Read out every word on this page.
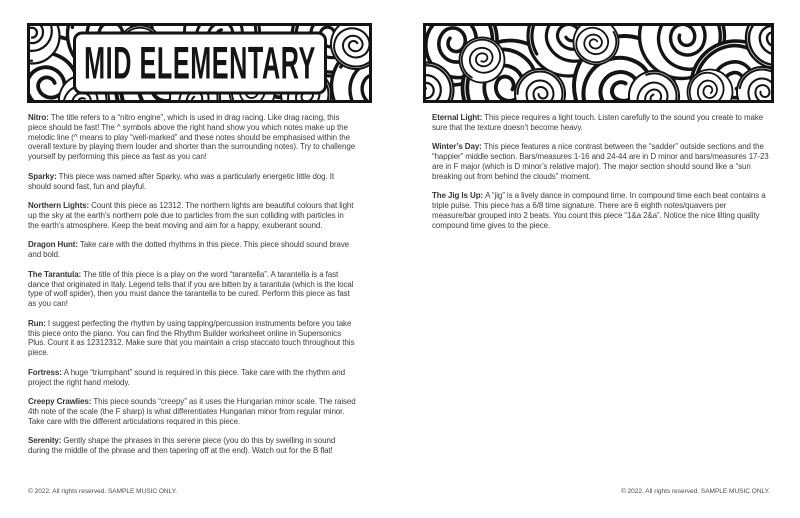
MID ELEMENTARY

Nitro: The title refers to a “nitro engine”, which is used in drag racing. Like drag racing, this piece should be fast! The ^ symbols above the right hand show you which notes make up the melodic line (^ means to play “well-marked” and these notes should be emphasised within the overall texture by playing them louder and shorter than the surrounding notes). Try to challenge yourself by performing this piece as fast as you can!

Sparky: This piece was named after Sparky, who was a particularly energetic little dog. It should sound fast, fun and playful.

Northern Lights: Count this piece as 12312. The northern lights are beautiful colours that light up the sky at the earth’s northern pole due to particles from the sun colliding with particles in the earth’s atmosphere. Keep the beat moving and aim for a happy, exuberant sound.

Dragon Hunt: Take care with the dotted rhythms in this piece. This piece should sound brave and bold.

The Tarantula: The title of this piece is a play on the word “tarantella”. A tarantella is a fast dance that originated in Italy. Legend tells that if you are bitten by a tarantula (which is the local type of wolf spider), then you must dance the tarantella to be cured. Perform this piece as fast as you can!

Run: I suggest perfecting the rhythm by using tapping/percussion instruments before you take this piece onto the piano. You can find the Rhythm Builder worksheet online in Supersonics Plus. Count it as 12312312. Make sure that you maintain a crisp staccato touch throughout this piece.

Fortress: A huge “triumphant” sound is required in this piece. Take care with the rhythm and project the right hand melody.

Creepy Crawlies: This piece sounds “creepy” as it uses the Hungarian minor scale. The raised 4th note of the scale (the F sharp) is what differentiates Hungarian minor from regular minor. Take care with the different articulations required in this piece.

Serenity: Gently shape the phrases in this serene piece (you do this by swelling in sound during the middle of the phrase and then tapering off at the end). Watch out for the B flat!

© 2022. All rights reserved. SAMPLE MUSIC ONLY.

Eternal Light: This piece requires a light touch. Listen carefully to the sound you create to make sure that the texture doesn’t become heavy.

Winter’s Day: This piece features a nice contrast between the “sadder” outside sections and the “happier” middle section. Bars/measures 1-16 and 24-44 are in D minor and bars/measures 17-23 are in F major (which is D minor’s relative major). The major section should sound like a “sun breaking out from behind the clouds” moment.

The Jig Is Up: A “jig” is a lively dance in compound time. In compound time each beat contains a triple pulse. This piece has a 6/8 time signature. There are 6 eighth notes/quavers per measure/bar grouped into 2 beats. You count this piece “1&a 2&a”. Notice the nice lilting quality compound time gives to the piece.

© 2022. All rights reserved. SAMPLE MUSIC ONLY.
